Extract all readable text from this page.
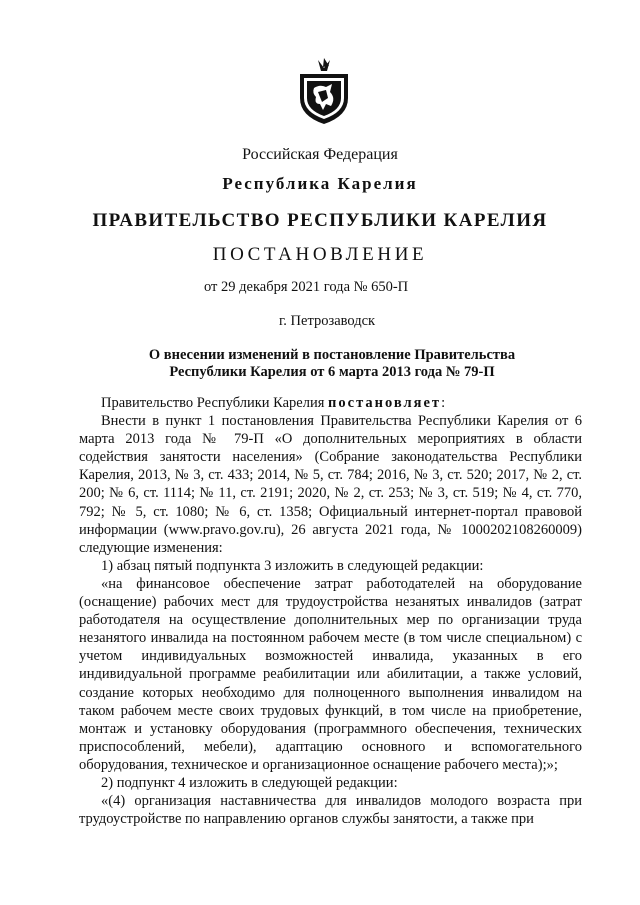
Российская Федерация
Республика Карелия
ПРАВИТЕЛЬСТВО РЕСПУБЛИКИ КАРЕЛИЯ
ПОСТАНОВЛЕНИЕ
от 29 декабря 2021 года № 650-П
г. Петрозаводск
О внесении изменений в постановление Правительства
Республики Карелия от 6 марта 2013 года № 79-П

Правительство Республики Карелия постановляет:

Внести в пункт 1 постановления Правительства Республики Карелия от 6 марта 2013 года № 79-П «О дополнительных мероприятиях в области содействия занятости населения» (Собрание законодательства Республики Карелия, 2013, № 3, ст. 433; 2014, № 5, ст. 784; 2016, № 3, ст. 520; 2017, № 2, ст. 200; № 6, ст. 1114; № 11, ст. 2191; 2020, № 2, ст. 253; № 3, ст. 519; № 4, ст. 770, 792; № 5, ст. 1080; № 6, ст. 1358; Официальный интернет-портал правовой информации (www.pravo.gov.ru), 26 августа 2021 года, № 1000202108260009) следующие изменения:

1) абзац пятый подпункта 3 изложить в следующей редакции:

«на финансовое обеспечение затрат работодателей на оборудование (оснащение) рабочих мест для трудоустройства незанятых инвалидов (затрат работодателя на осуществление дополнительных мер по организации труда незанятого инвалида на постоянном рабочем месте (в том числе специальном) с учетом индивидуальных возможностей инвалида, указанных в его индивидуальной программе реабилитации или абилитации, а также условий, создание которых необходимо для полноценного выполнения инвалидом на таком рабочем месте своих трудовых функций, в том числе на приобретение, монтаж и установку оборудования (программного обеспечения, технических приспособлений, мебели), адаптацию основного и вспомогательного оборудования, техническое и организационное оснащение рабочего места);»;

2) подпункт 4 изложить в следующей редакции:

«(4) организация наставничества для инвалидов молодого возраста при трудоустройстве по направлению органов службы занятости, а также при
